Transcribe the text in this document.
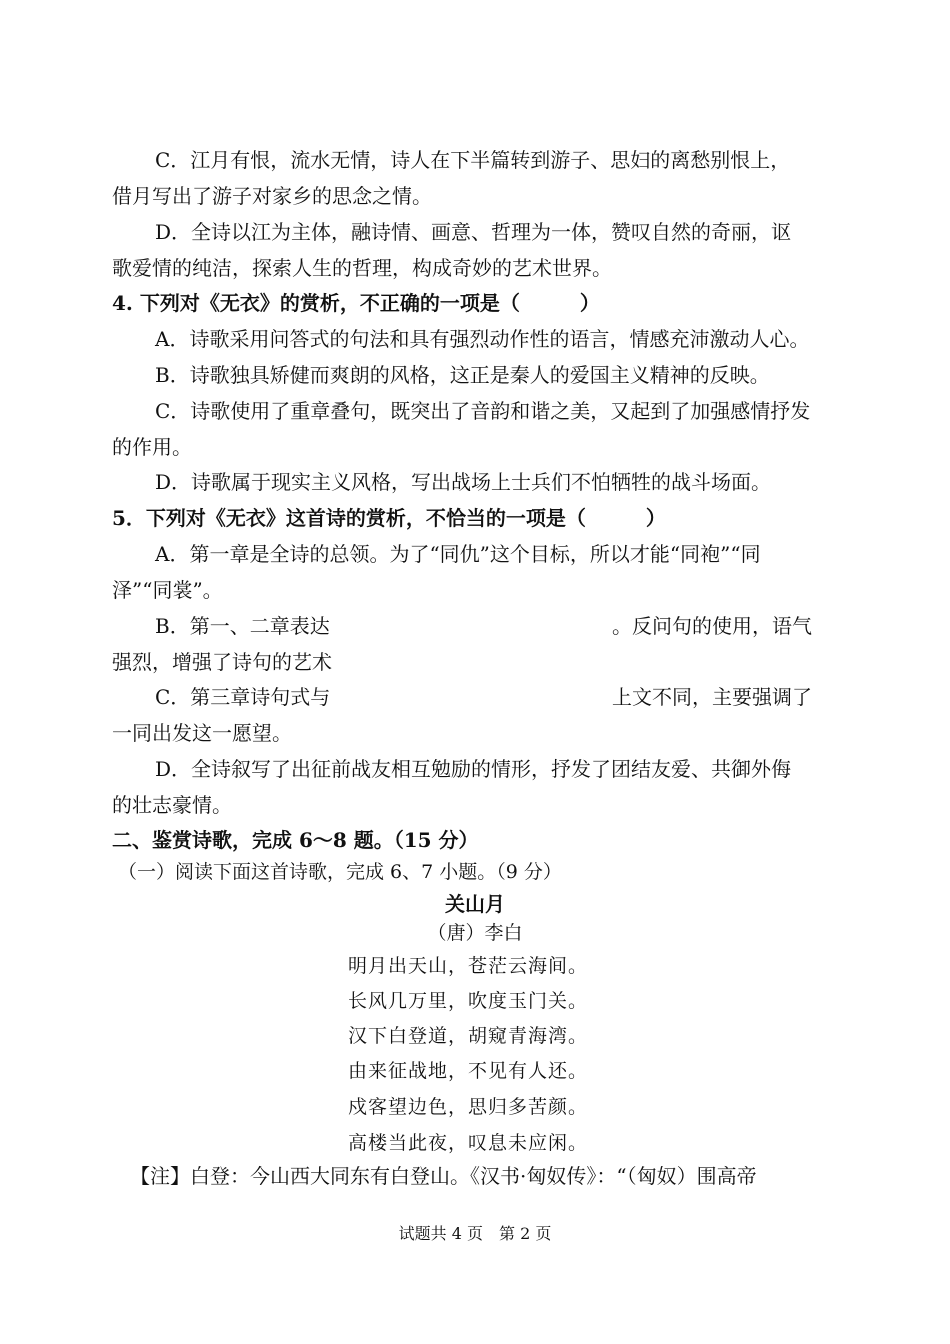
C．江月有恨，流水无情，诗人在下半篇转到游子、思妇的离愁别恨上，
借月写出了游子对家乡的思念之情。
D．全诗以江为主体，融诗情、画意、哲理为一体，赞叹自然的奇丽，讴
歌爱情的纯洁，探索人生的哲理，构成奇妙的艺术世界。
4. 下列对《无衣》的赏析，不正确的一项是（　　　）
A．诗歌采用问答式的句法和具有强烈动作性的语言，情感充沛激动人心。
B．诗歌独具矫健而爽朗的风格，这正是秦人的爱国主义精神的反映。
C．诗歌使用了重章叠句，既突出了音韵和谐之美，又起到了加强感情抒发
的作用。
D．诗歌属于现实主义风格，写出战场上士兵们不怕牺牲的战斗场面。
5．下列对《无衣》这首诗的赏析，不恰当的一项是（　　　）
A．第一章是全诗的总领。为了“同仇”这个目标，所以才能“同袍”“同
泽”“同裳”。
B．第一、二章表达	。反问句的使用，语气
强烈，增强了诗句的艺术
C．第三章诗句式与	上文不同，主要强调了
一同出发这一愿望。
D．全诗叙写了出征前战友相互勉励的情形，抒发了团结友爱、共御外侮
的壮志豪情。
二、鉴赏诗歌，完成 6～8 题。（15 分）
（一）阅读下面这首诗歌，完成 6、7 小题。（9 分）
关山月
（唐）李白
明月出天山，苍茫云海间。
长风几万里，吹度玉门关。
汉下白登道，胡窥青海湾。
由来征战地，不见有人还。
戍客望边色，思归多苦颜。
高楼当此夜，叹息未应闲。
【注】白登：今山西大同东有白登山。《汉书·匈奴传》：“（匈奴）围高帝
试题共 4 页　第 2 页
